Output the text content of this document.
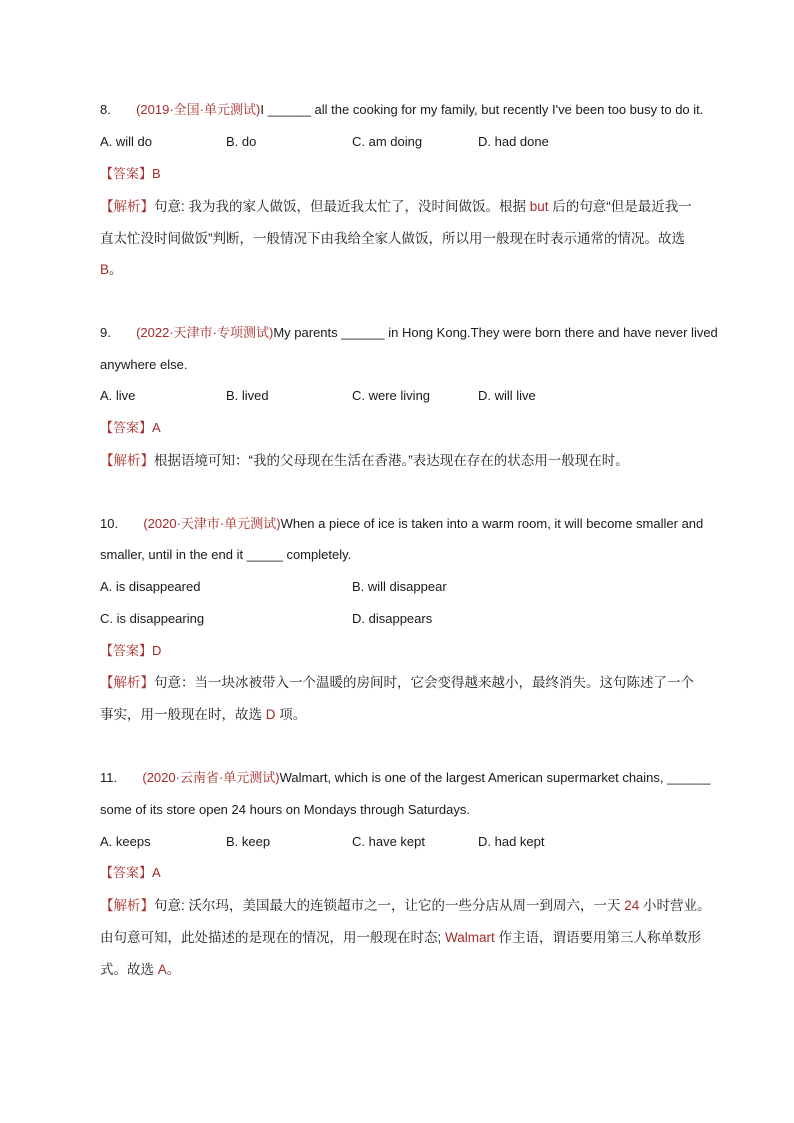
8. (2019·全国·单元测试)I ______ all the cooking for my family, but recently I've been too busy to do it.
A. will do	B. do	C. am doing	D. had done
【答案】B
【解析】句意: 我为我的家人做饭，但最近我太忙了，没时间做饭。根据 but 后的句意“但是最近我一
直太忙没时间做饭”判断，一般情况下由我给全家人做饭，所以用一般现在时表示通常的情况。故选
B。
9. (2022·天津市·专项测试)My parents ______ in Hong Kong.They were born there and have never lived
anywhere else.
A. live	B. lived	C. were living	D. will live
【答案】A
【解析】根据语境可知：“我的父母现在生活在香港。”表达现在存在的状态用一般现在时。
10. (2020·天津市·单元测试)When a piece of ice is taken into a warm room, it will become smaller and
smaller, until in the end it _____ completely.
A. is disappeared	B. will disappear
C. is disappearing	D. disappears
【答案】D
【解析】句意：当一块冰被带入一个温暖的房间时，它会变得越来越小，最终消失。这句陈述了一个
事实，用一般现在时，故选 D 项。
11. (2020·云南省·单元测试)Walmart, which is one of the largest American supermarket chains, ______
some of its store open 24 hours on Mondays through Saturdays.
A. keeps	B. keep	C. have kept	D. had kept
【答案】A
【解析】句意: 沃尔玛，美国最大的连锁超市之一，让它的一些分店从周一到周六，一天 24 小时营业。
由句意可知，此处描述的是现在的情况，用一般现在时态; Walmart 作主语，谓语要用第三人称单数形
式。故选 A。
